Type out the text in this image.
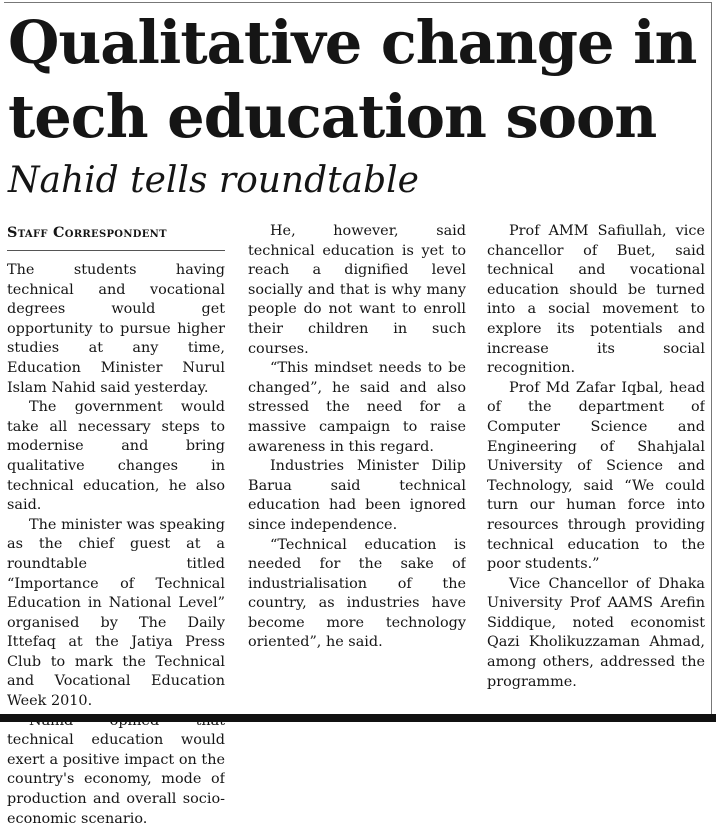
Qualitative change in
tech education soon
Nahid tells roundtable
Staff Correspondent

The students having technical and vocational degrees would get opportunity to pursue higher studies at any time, Education Minister Nurul Islam Nahid said yesterday.

The government would take all necessary steps to modernise and bring qualitative changes in technical education, he also said.

The minister was speaking as the chief guest at a roundtable titled “Importance of Technical Education in National Level” organised by The Daily Ittefaq at the Jatiya Press Club to mark the Technical and Vocational Education Week 2010.

technical education would exert a positive impact on the country's economy, mode of production and overall socio-economic scenario.

He, however, said technical education is yet to reach a dignified level socially and that is why many people do not want to enroll their children in such courses.

“This mindset needs to be changed”, he said and also stressed the need for a massive campaign to raise awareness in this regard.

Industries Minister Dilip Barua said technical education had been ignored since independence.

“Technical education is needed for the sake of industrialisation of the country, as industries have become more technology oriented”, he said.

Prof AMM Safiullah, vice chancellor of Buet, said technical and vocational education should be turned into a social movement to explore its potentials and increase its social recognition.

Prof Md Zafar Iqbal, head of the department of Computer Science and Engineering of Shahjalal University of Science and Technology, said “We could turn our human force into resources through providing technical education to the poor students.”

Vice Chancellor of Dhaka University Prof AAMS Arefin Siddique, noted economist Qazi Kholikuzzaman Ahmad, among others, addressed the programme.
